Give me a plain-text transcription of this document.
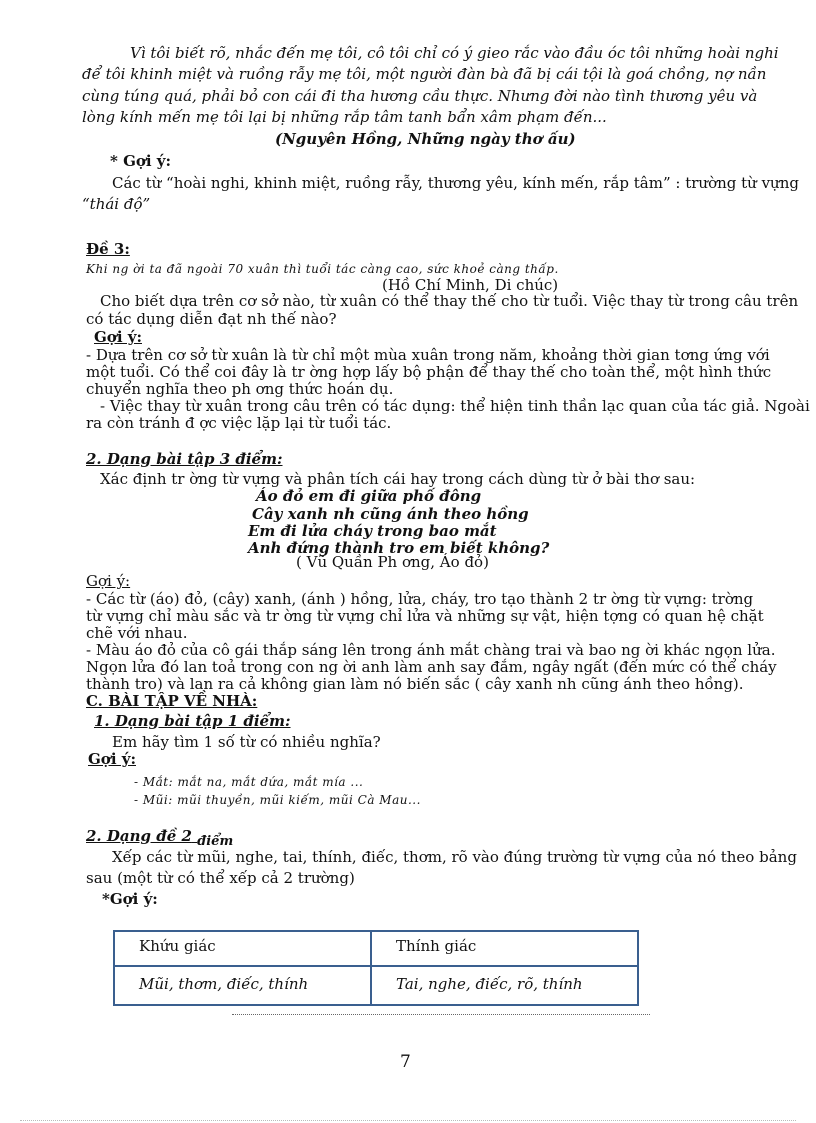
Vì tôi biết rõ, nhắc đến mẹ tôi, cô tôi chỉ có ý gieo rắc vào đầu óc tôi những hoài nghi
để tôi khinh miệt và ruồng rẫy mẹ tôi, một người đàn bà đã bị cái tội là goá chồng, nợ nần
cùng túng quá, phải bỏ con cái đi tha hương cầu thực. Nhưng đời nào tình thương yêu và
lòng kính mến mẹ tôi lại bị những rắp tâm tanh bẩn xâm phạm đến...
(Nguyên Hồng, Những ngày thơ ấu)
* Gợi ý:
Các từ “hoài nghi, khinh miệt, ruồng rẫy, thương yêu, kính mến, rắp tâm” : trường từ vựng
“thái độ”
Đề 3:
Khi ng ời ta đã ngoài 70 xuân thì tuổi tác càng cao, sức khoẻ càng thấp.
(Hồ Chí Minh, Di chúc)
Cho biết dựa trên cơ sở nào, từ xuân có thể thay thế cho từ tuổi. Việc thay từ trong câu trên
có tác dụng diễn đạt nh thế nào?
Gợi ý:
- Dựa trên cơ sở từ xuân là từ chỉ một mùa xuân trong năm, khoảng thời gian tơng ứng với
một tuổi. Có thể coi đây là tr ờng hợp lấy bộ phận để thay thế cho toàn thể, một hình thức
chuyển nghĩa theo ph ơng thức hoán dụ.
- Việc thay từ xuân trong câu trên có tác dụng: thể hiện tinh thần lạc quan của tác giả. Ngoài
ra còn tránh đ ợc việc lặp lại từ tuổi tác.
2. Dạng bài tập 3 điểm:
Xác định tr ờng từ vựng và phân tích cái hay trong cách dùng từ ở bài thơ sau:
Áo đỏ em đi giữa phố đông
Cây xanh nh cũng ánh theo hồng
Em đi lửa cháy trong bao mắt
Anh đứng thành tro em biết không?
( Vũ Quần Ph ơng, Áo đỏ)
Gợi ý:
- Các từ (áo) đỏ, (cây) xanh, (ánh ) hồng, lửa, cháy, tro tạo thành 2 tr ờng từ vựng: trờng
từ vựng chỉ màu sắc và tr ờng từ vựng chỉ lửa và những sự vật, hiện tợng có quan hệ chặt
chẽ với nhau.
- Màu áo đỏ của cô gái thắp sáng lên trong ánh mắt chàng trai và bao ng ời khác ngọn lửa.
Ngọn lửa đó lan toả trong con ng ời anh làm anh say đắm, ngây ngất (đến mức có thể cháy
thành tro) và lan ra cả không gian làm nó biến sắc ( cây xanh nh cũng ánh theo hồng).
C. BÀI TẬP VỀ NHÀ:
1. Dạng bài tập 1 điểm:
Em hãy tìm 1 số từ có nhiều nghĩa?
Gợi ý:
- Mắt: mắt na, mắt dứa, mắt mía ...
- Mũi: mũi thuyền, mũi kiếm, mũi Cà Mau...
2. Dạng đề 2 điểm
Xếp các từ mũi, nghe, tai, thính, điếc, thơm, rõ vào đúng trường từ vựng của nó theo bảng
sau (một từ có thể xếp cả 2 trường)
*Gợi ý:
Khứu giác	Thính giác
Mũi, thơm, điếc, thính	Tai, nghe, điếc, rõ, thính
7
